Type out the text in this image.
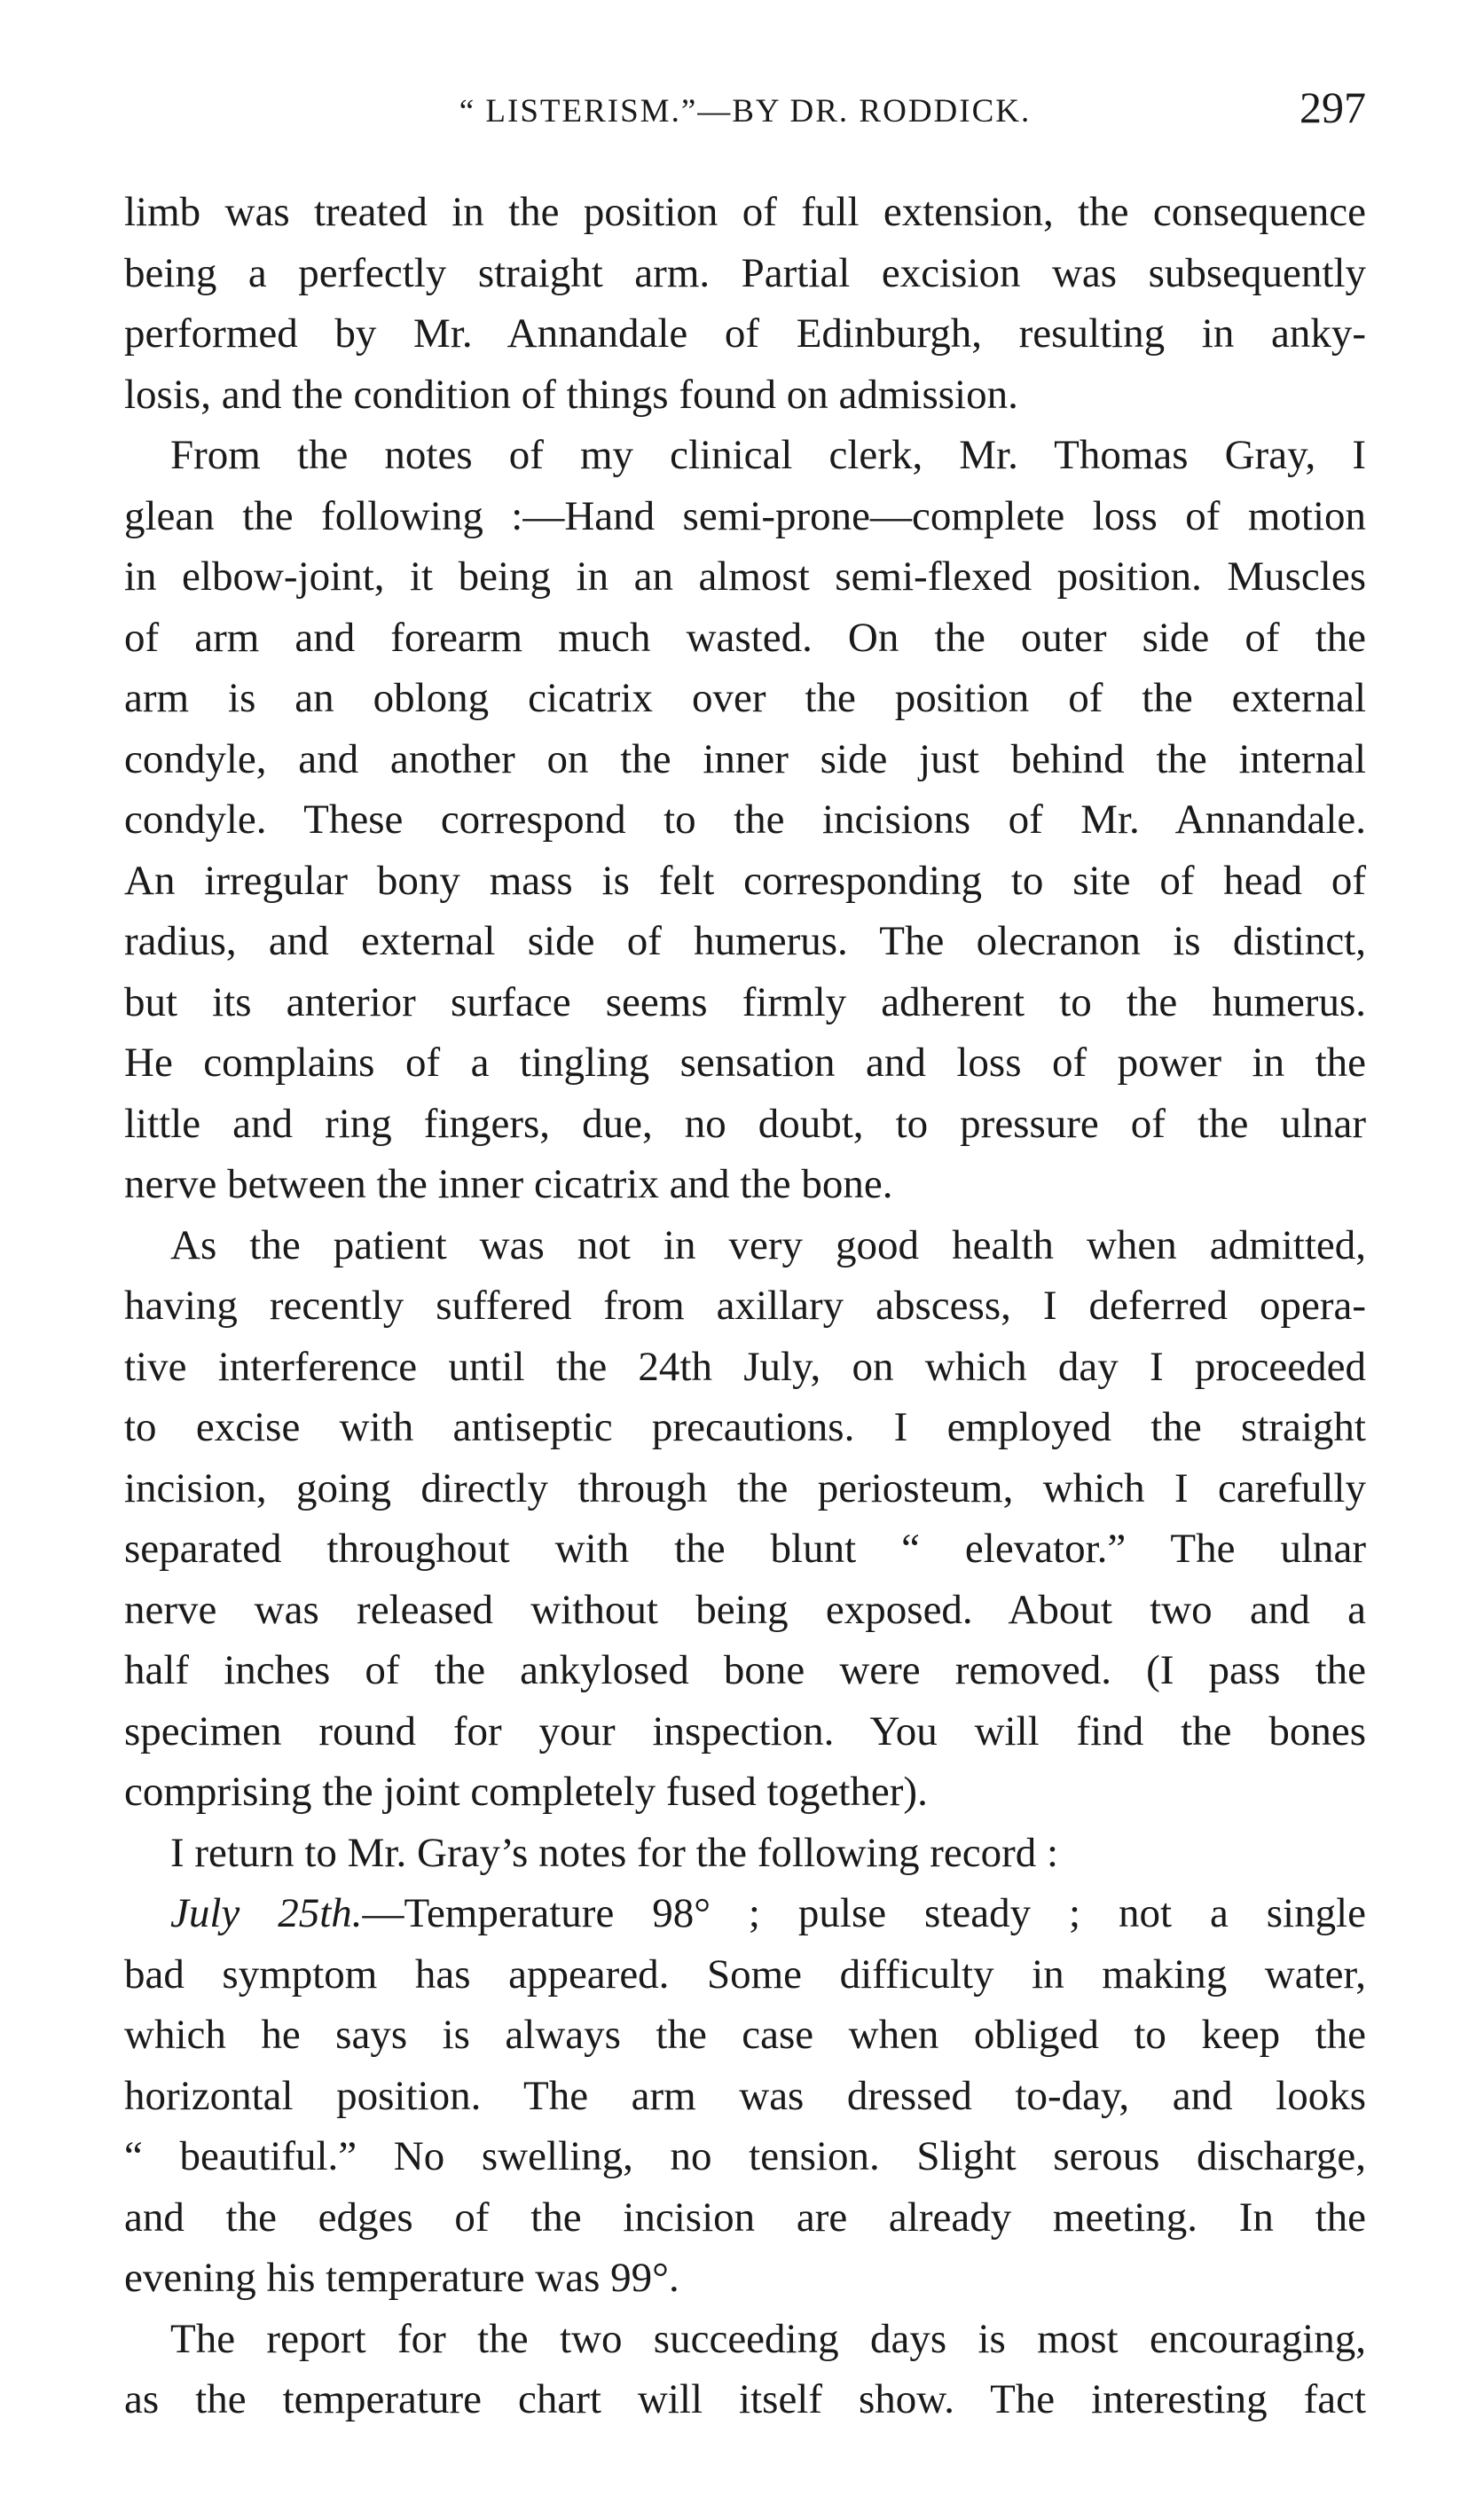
“ LISTERISM.”—BY DR. RODDICK.	297
limb was treated in the position of full extension, the consequence
being a perfectly straight arm. Partial excision was subsequently
performed by Mr. Annandale of Edinburgh, resulting in anky-
losis, and the condition of things found on admission.
From the notes of my clinical clerk, Mr. Thomas Gray, I
glean the following :—Hand semi-prone—complete loss of motion
in elbow-joint, it being in an almost semi-flexed position. Muscles
of arm and forearm much wasted. On the outer side of the
arm is an oblong cicatrix over the position of the external
condyle, and another on the inner side just behind the internal
condyle. These correspond to the incisions of Mr. Annandale.
An irregular bony mass is felt corresponding to site of head of
radius, and external side of humerus. The olecranon is distinct,
but its anterior surface seems firmly adherent to the humerus.
He complains of a tingling sensation and loss of power in the
little and ring fingers, due, no doubt, to pressure of the ulnar
nerve between the inner cicatrix and the bone.
As the patient was not in very good health when admitted,
having recently suffered from axillary abscess, I deferred opera-
tive interference until the 24th July, on which day I proceeded
to excise with antiseptic precautions. I employed the straight
incision, going directly through the periosteum, which I carefully
separated throughout with the blunt “ elevator.” The ulnar
nerve was released without being exposed. About two and a
half inches of the ankylosed bone were removed. (I pass the
specimen round for your inspection. You will find the bones
comprising the joint completely fused together).
I return to Mr. Gray’s notes for the following record :
July 25th.—Temperature 98° ; pulse steady ; not a single
bad symptom has appeared. Some difficulty in making water,
which he says is always the case when obliged to keep the
horizontal position. The arm was dressed to-day, and looks
“ beautiful.” No swelling, no tension. Slight serous discharge,
and the edges of the incision are already meeting. In the
evening his temperature was 99°.
The report for the two succeeding days is most encouraging,
as the temperature chart will itself show. The interesting fact
